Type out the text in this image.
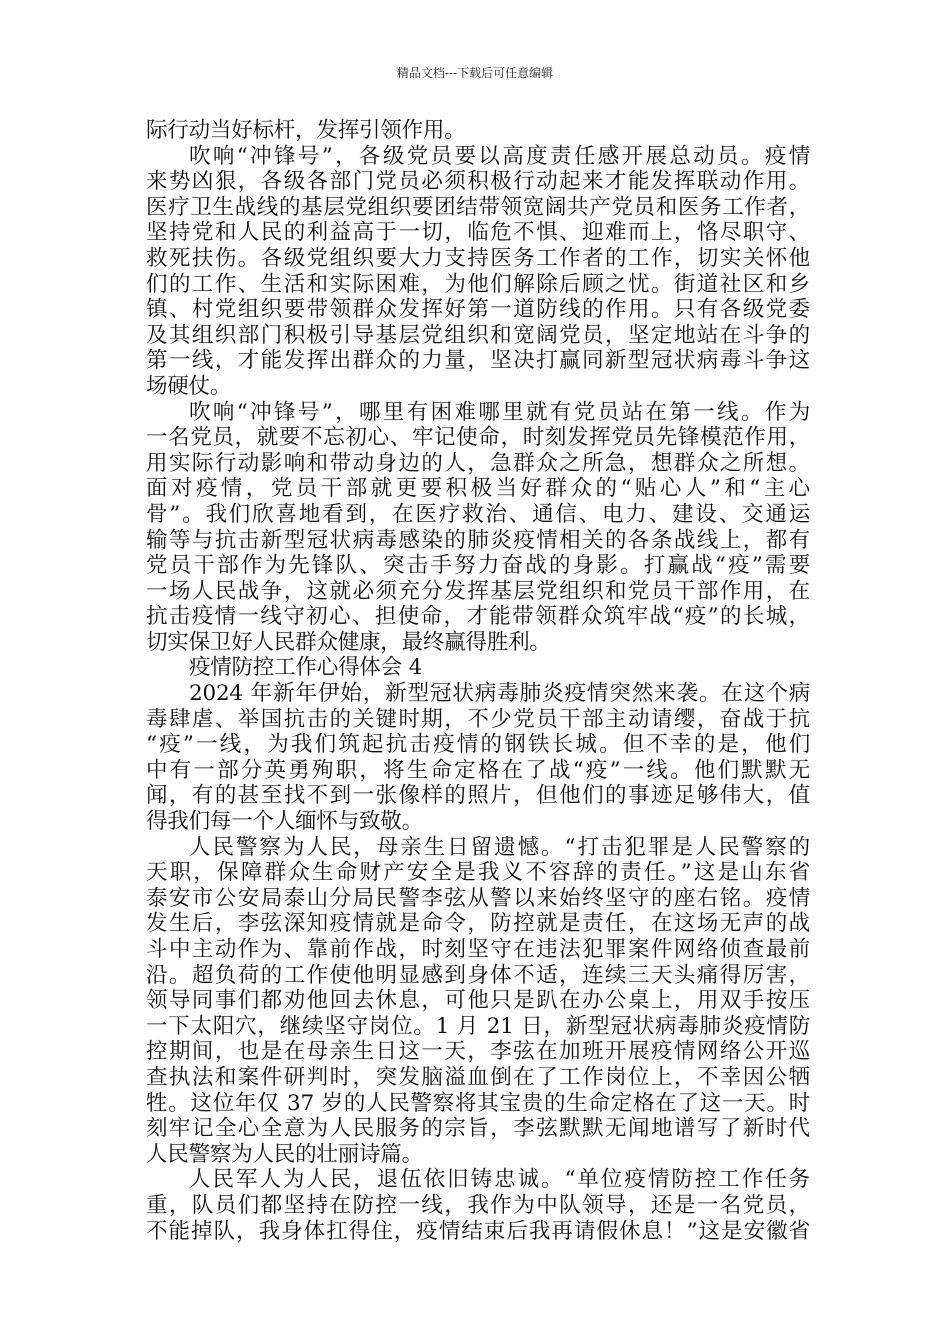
精品文档---下载后可任意编辑
际行动当好标杆，发挥引领作用。
吹响“冲锋号”，各级党员要以高度责任感开展总动员。疫情
来势凶狠，各级各部门党员必须积极行动起来才能发挥联动作用。
医疗卫生战线的基层党组织要团结带领宽阔共产党员和医务工作者，
坚持党和人民的利益高于一切，临危不惧、迎难而上，恪尽职守、
救死扶伤。各级党组织要大力支持医务工作者的工作，切实关怀他
们的工作、生活和实际困难，为他们解除后顾之忧。街道社区和乡
镇、村党组织要带领群众发挥好第一道防线的作用。只有各级党委
及其组织部门积极引导基层党组织和宽阔党员，坚定地站在斗争的
第一线，才能发挥出群众的力量，坚决打赢同新型冠状病毒斗争这
场硬仗。
吹响“冲锋号”，哪里有困难哪里就有党员站在第一线。作为
一名党员，就要不忘初心、牢记使命，时刻发挥党员先锋模范作用，
用实际行动影响和带动身边的人，急群众之所急，想群众之所想。
面对疫情，党员干部就更要积极当好群众的“贴心人”和“主心
骨”。我们欣喜地看到，在医疗救治、通信、电力、建设、交通运
输等与抗击新型冠状病毒感染的肺炎疫情相关的各条战线上，都有
党员干部作为先锋队、突击手努力奋战的身影。打赢战“疫”需要
一场人民战争，这就必须充分发挥基层党组织和党员干部作用，在
抗击疫情一线守初心、担使命，才能带领群众筑牢战“疫”的长城，
切实保卫好人民群众健康，最终赢得胜利。
疫情防控工作心得体会 4
2024 年新年伊始，新型冠状病毒肺炎疫情突然来袭。在这个病
毒肆虐、举国抗击的关键时期，不少党员干部主动请缨，奋战于抗
“疫”一线，为我们筑起抗击疫情的钢铁长城。但不幸的是，他们
中有一部分英勇殉职，将生命定格在了战“疫”一线。他们默默无
闻，有的甚至找不到一张像样的照片，但他们的事迹足够伟大，值
得我们每一个人缅怀与致敬。
人民警察为人民，母亲生日留遗憾。“打击犯罪是人民警察的
天职，保障群众生命财产安全是我义不容辞的责任。”这是山东省
泰安市公安局泰山分局民警李弦从警以来始终坚守的座右铭。疫情
发生后，李弦深知疫情就是命令，防控就是责任，在这场无声的战
斗中主动作为、靠前作战，时刻坚守在违法犯罪案件网络侦查最前
沿。超负荷的工作使他明显感到身体不适，连续三天头痛得厉害，
领导同事们都劝他回去休息，可他只是趴在办公桌上，用双手按压
一下太阳穴，继续坚守岗位。1 月 21 日，新型冠状病毒肺炎疫情防
控期间，也是在母亲生日这一天，李弦在加班开展疫情网络公开巡
查执法和案件研判时，突发脑溢血倒在了工作岗位上，不幸因公牺
牲。这位年仅 37 岁的人民警察将其宝贵的生命定格在了这一天。时
刻牢记全心全意为人民服务的宗旨，李弦默默无闻地谱写了新时代
人民警察为人民的壮丽诗篇。
人民军人为人民，退伍依旧铸忠诚。“单位疫情防控工作任务
重，队员们都坚持在防控一线，我作为中队领导，还是一名党员，
不能掉队，我身体扛得住，疫情结束后我再请假休息！”这是安徽省
